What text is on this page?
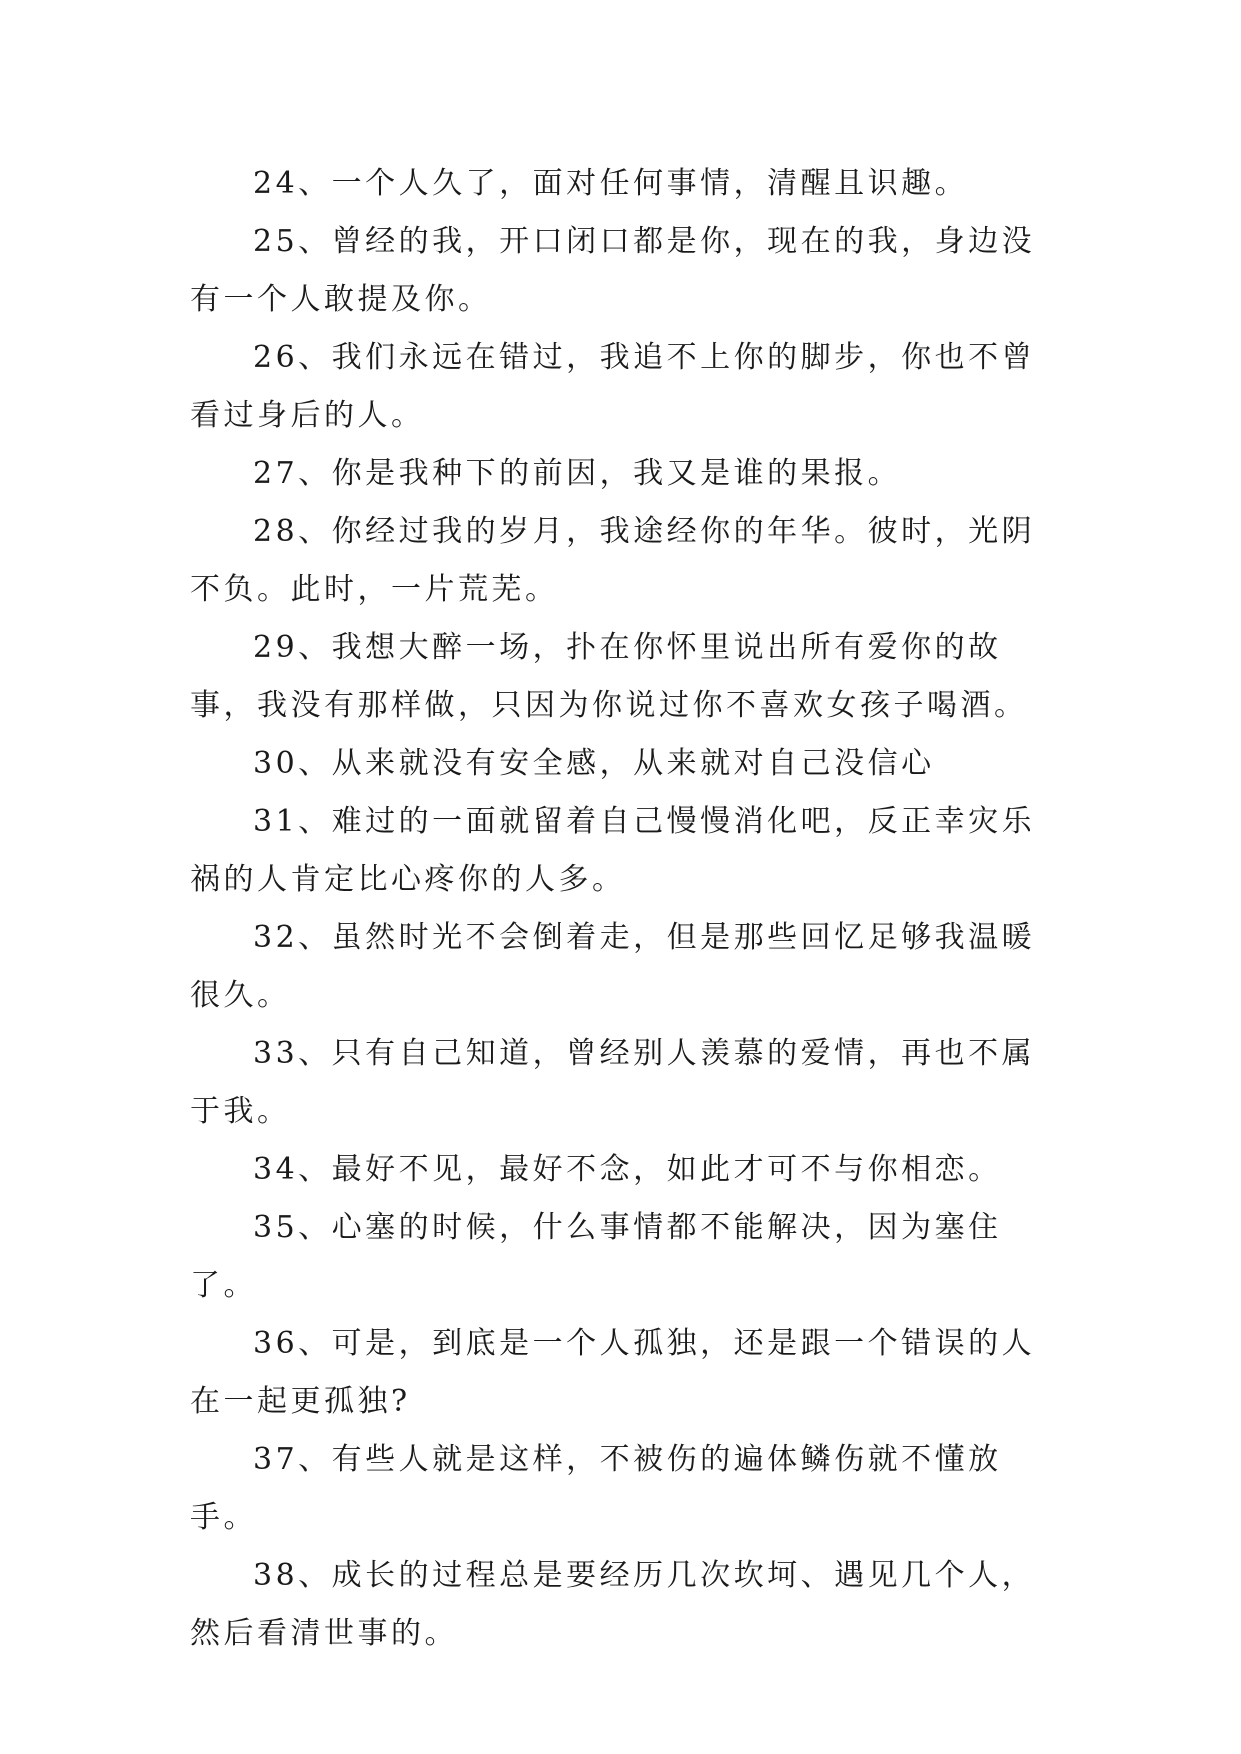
24、一个人久了，面对任何事情，清醒且识趣。

25、曾经的我，开口闭口都是你，现在的我，身边没有一个人敢提及你。

26、我们永远在错过，我追不上你的脚步，你也不曾看过身后的人。

27、你是我种下的前因，我又是谁的果报。

28、你经过我的岁月，我途经你的年华。彼时，光阴不负。此时，一片荒芜。

29、我想大醉一场，扑在你怀里说出所有爱你的故事，我没有那样做，只因为你说过你不喜欢女孩子喝酒。

30、从来就没有安全感，从来就对自己没信心

31、难过的一面就留着自己慢慢消化吧，反正幸灾乐祸的人肯定比心疼你的人多。

32、虽然时光不会倒着走，但是那些回忆足够我温暖很久。

33、只有自己知道，曾经别人羡慕的爱情，再也不属于我。

34、最好不见，最好不念，如此才可不与你相恋。

35、心塞的时候，什么事情都不能解决，因为塞住了。

36、可是，到底是一个人孤独，还是跟一个错误的人在一起更孤独?

37、有些人就是这样，不被伤的遍体鳞伤就不懂放手。

38、成长的过程总是要经历几次坎坷、遇见几个人，然后看清世事的。
